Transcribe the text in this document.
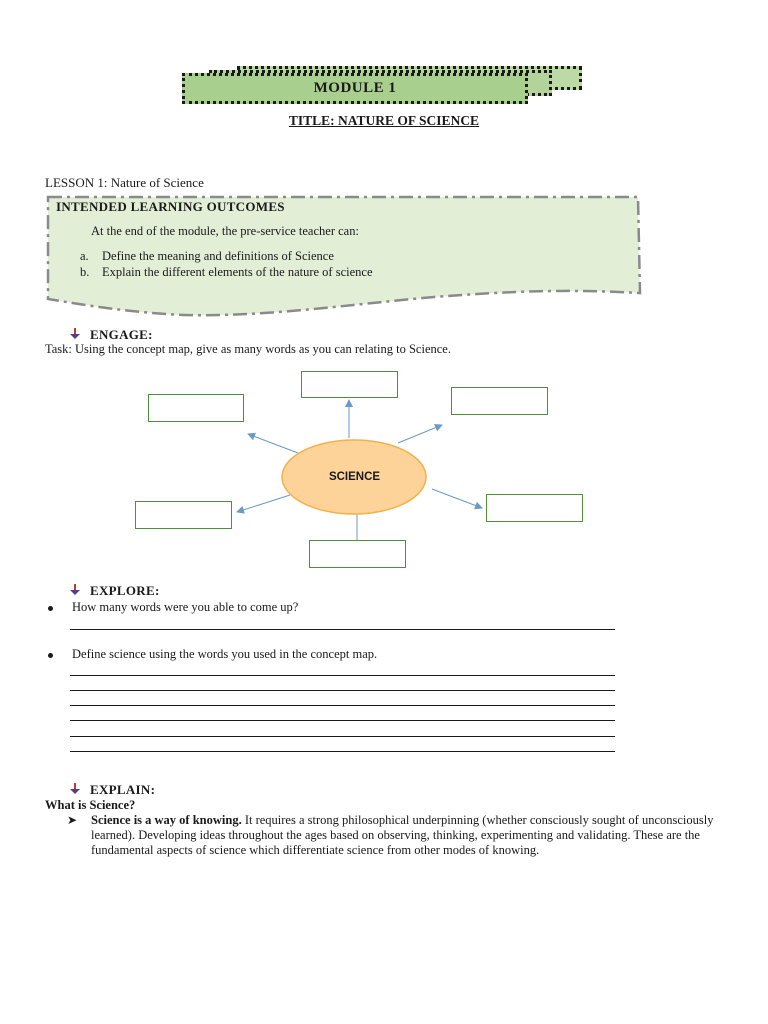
MODULE 1
TITLE: NATURE OF SCIENCE
LESSON 1: Nature of Science
INTENDED LEARNING OUTCOMES
At the end of the module, the pre-service teacher can:
a. Define the meaning and definitions of Science
b. Explain the different elements of the nature of science
ENGAGE:
Task: Using the concept map, give as many words as you can relating to Science.
SCIENCE
EXPLORE:
How many words were you able to come up?
Define science using the words you used in the concept map.
EXPLAIN:
What is Science?
➤ Science is a way of knowing. It requires a strong philosophical underpinning (whether consciously sought of unconsciously learned). Developing ideas throughout the ages based on observing, thinking, experimenting and validating. These are the fundamental aspects of science which differentiate science from other modes of knowing.
